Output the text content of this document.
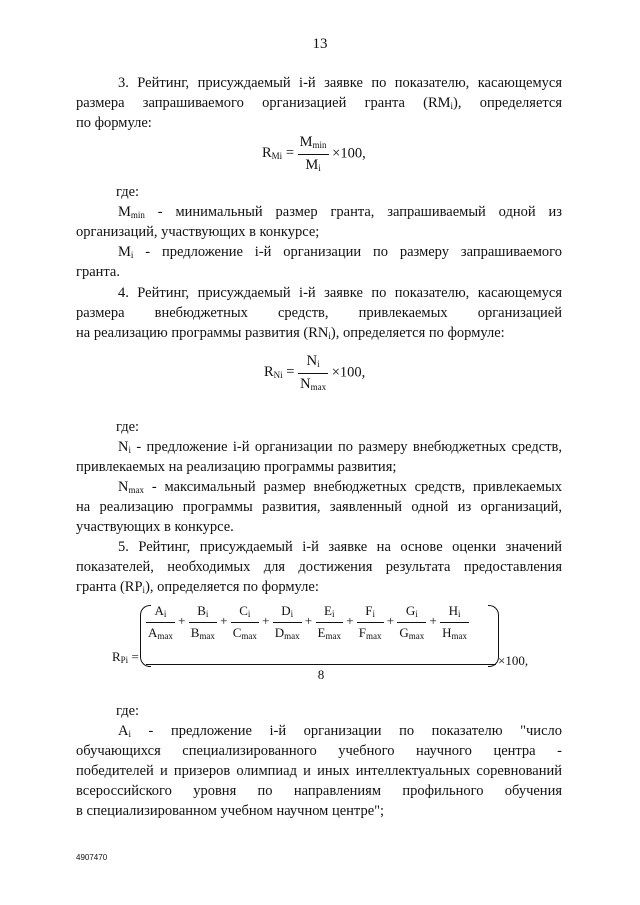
13
3. Рейтинг, присуждаемый i-й заявке по показателю, касающемуся
размера запрашиваемого организацией гранта $(RM_i)$, определяется
по формуле:
$R_{Mi} = \frac{M_{min}}{M_i} \times 100$,
где:
$M_{min}$ - минимальный размер гранта, запрашиваемый одной из
организаций, участвующих в конкурсе;
$M_i$ - предложение i-й организации по размеру запрашиваемого
гранта.
4. Рейтинг, присуждаемый i-й заявке по показателю, касающемуся
размера внебюджетных средств, привлекаемых организацией
на реализацию программы развития $(RN_i)$, определяется по формуле:
$R_{Ni} = \frac{N_i}{N_{max}} \times 100$,
где:
$N_i$ - предложение i-й организации по размеру внебюджетных средств,
привлекаемых на реализацию программы развития;
$N_{max}$ - максимальный размер внебюджетных средств, привлекаемых
на реализацию программы развития, заявленный одной из организаций,
участвующих в конкурсе.
5. Рейтинг, присуждаемый i-й заявке на основе оценки значений
показателей, необходимых для достижения результата предоставления
гранта $(RP_i)$, определяется по формуле:
$R_{Pi}$ =
$\frac{A_i}{A_{max}} + \frac{B_i}{B_{max}} + \frac{C_i}{C_{max}} + \frac{D_i}{D_{max}} + \frac{E_i}{E_{max}} + \frac{F_i}{F_{max}} + \frac{G_i}{G_{max}} + \frac{H_i}{H_{max}}$
8
×100,
где:
$A_i$ - предложение i-й организации по показателю "число
обучающихся специализированного учебного научного центра -
победителей и призеров олимпиад и иных интеллектуальных соревнований
всероссийского уровня по направлениям профильного обучения
в специализированном учебном научном центре";
4907470
